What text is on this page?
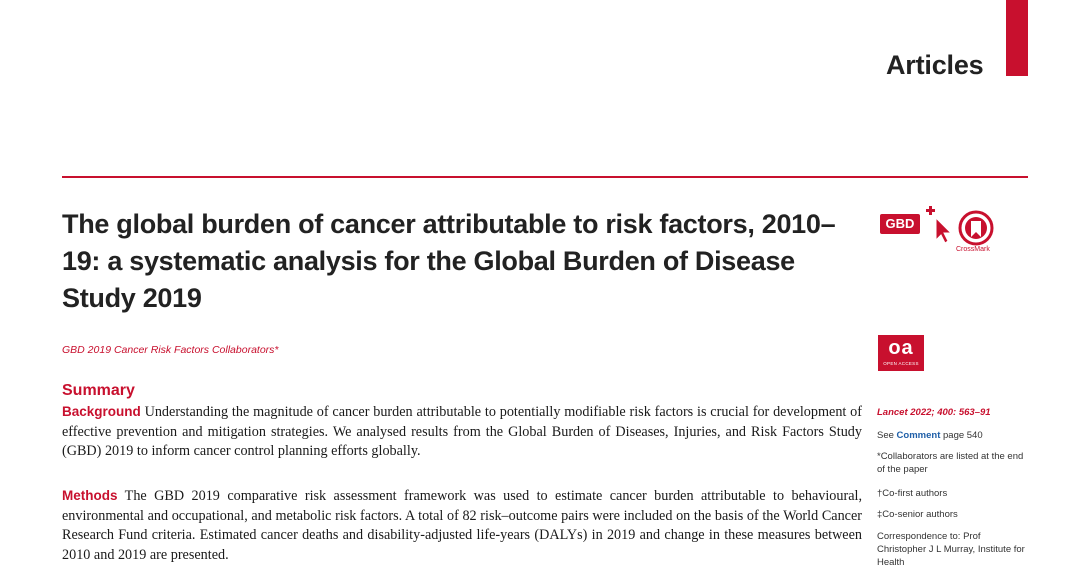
Articles
The global burden of cancer attributable to risk factors, 2010–19: a systematic analysis for the Global Burden of Disease Study 2019
GBD 2019 Cancer Risk Factors Collaborators*
Summary

Background Understanding the magnitude of cancer burden attributable to potentially modifiable risk factors is crucial for development of effective prevention and mitigation strategies. We analysed results from the Global Burden of Diseases, Injuries, and Risk Factors Study (GBD) 2019 to inform cancer control planning efforts globally.

Methods The GBD 2019 comparative risk assessment framework was used to estimate cancer burden attributable to behavioural, environmental and occupational, and metabolic risk factors. A total of 82 risk–outcome pairs were included on the basis of the World Cancer Research Fund criteria. Estimated cancer deaths and disability-adjusted life-years (DALYs) in 2019 and change in these measures between 2010 and 2019 are presented.

GBD
CrossMark
oa
OPEN ACCESS
Lancet 2022; 400: 563–91
See Comment page 540
*Collaborators are listed at the end of the paper
†Co-first authors
‡Co-senior authors
Correspondence to: Prof Christopher J L Murray, Institute for Health
